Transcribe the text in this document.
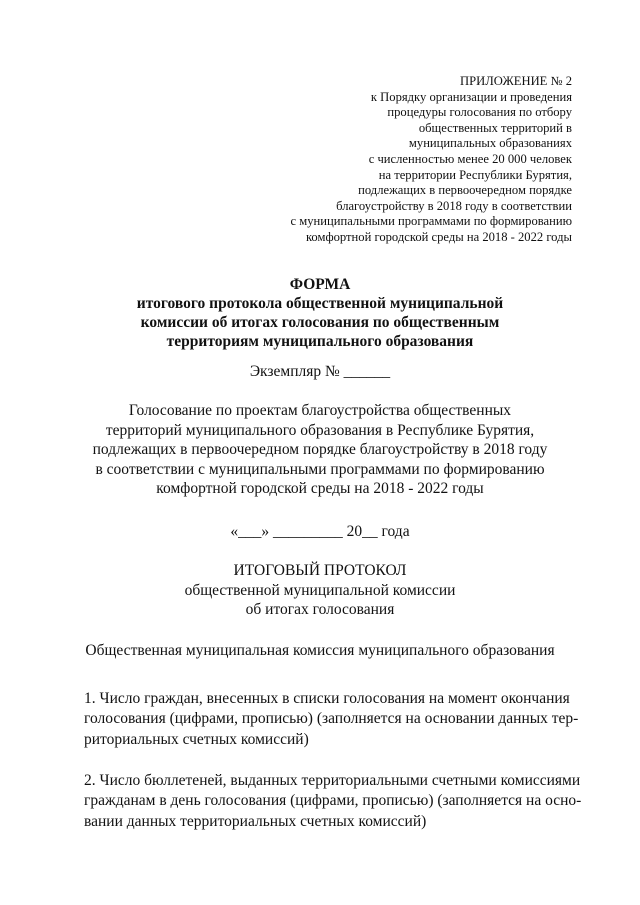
ПРИЛОЖЕНИЕ № 2
к Порядку организации и проведения
процедуры голосования по отбору
общественных территорий в
муниципальных образованиях
с численностью менее 20 000 человек
на территории Республики Бурятия,
подлежащих в первоочередном порядке
благоустройству в 2018 году в соответствии
с муниципальными программами по формированию
комфортной городской среды на 2018 - 2022 годы
ФОРМА
итогового протокола общественной муниципальной
комиссии об итогах голосования по общественным
территориям муниципального образования
Экземпляр № ______
Голосование по проектам благоустройства общественных
территорий муниципального образования в Республике Бурятия,
подлежащих в первоочередном порядке благоустройству в 2018 году
в соответствии с муниципальными программами по формированию
комфортной городской среды на 2018 - 2022 годы
«___» _________ 20__ года
ИТОГОВЫЙ ПРОТОКОЛ
общественной муниципальной комиссии
об итогах голосования
Общественная муниципальная комиссия муниципального образования
1. Число граждан, внесенных в списки голосования на момент окончания
голосования (цифрами, прописью) (заполняется на основании данных тер-
риториальных счетных комиссий)
2. Число бюллетеней, выданных территориальными счетными комиссиями
гражданам в день голосования (цифрами, прописью) (заполняется на осно-
вании данных территориальных счетных комиссий)
